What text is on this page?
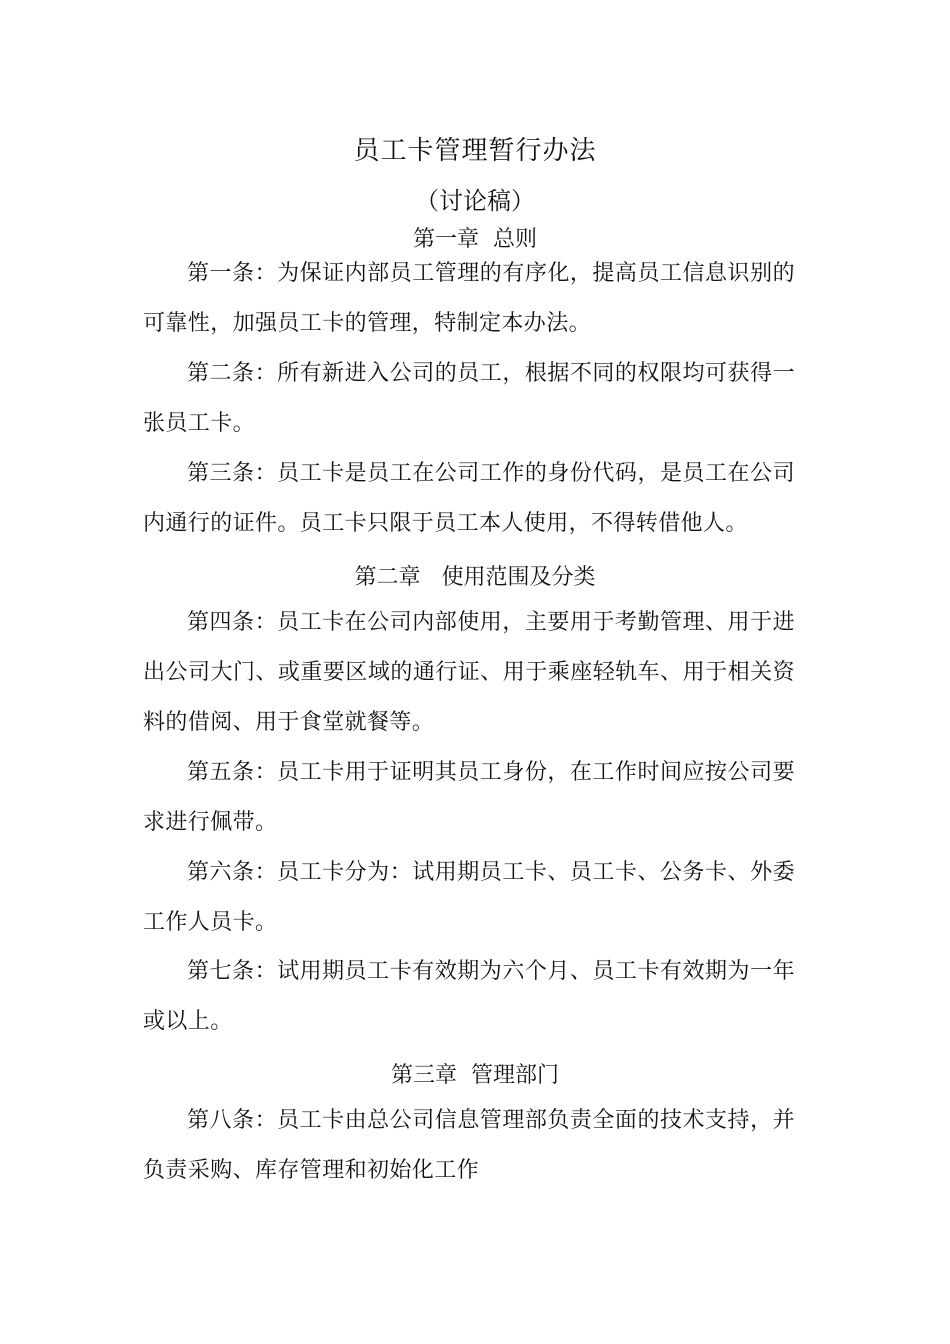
员工卡管理暂行办法
（讨论稿）
第一章  总则

第一条：为保证内部员工管理的有序化，提高员工信息识别的可靠性，加强员工卡的管理，特制定本办法。

第二条：所有新进入公司的员工，根据不同的权限均可获得一张员工卡。

第三条：员工卡是员工在公司工作的身份代码，是员工在公司内通行的证件。员工卡只限于员工本人使用，不得转借他人。

第二章   使用范围及分类

第四条：员工卡在公司内部使用，主要用于考勤管理、用于进出公司大门、或重要区域的通行证、用于乘座轻轨车、用于相关资料的借阅、用于食堂就餐等。

第五条：员工卡用于证明其员工身份，在工作时间应按公司要求进行佩带。

第六条：员工卡分为：试用期员工卡、员工卡、公务卡、外委工作人员卡。

第七条：试用期员工卡有效期为六个月、员工卡有效期为一年或以上。

第三章  管理部门

第八条：员工卡由总公司信息管理部负责全面的技术支持，并负责采购、库存管理和初始化工作
